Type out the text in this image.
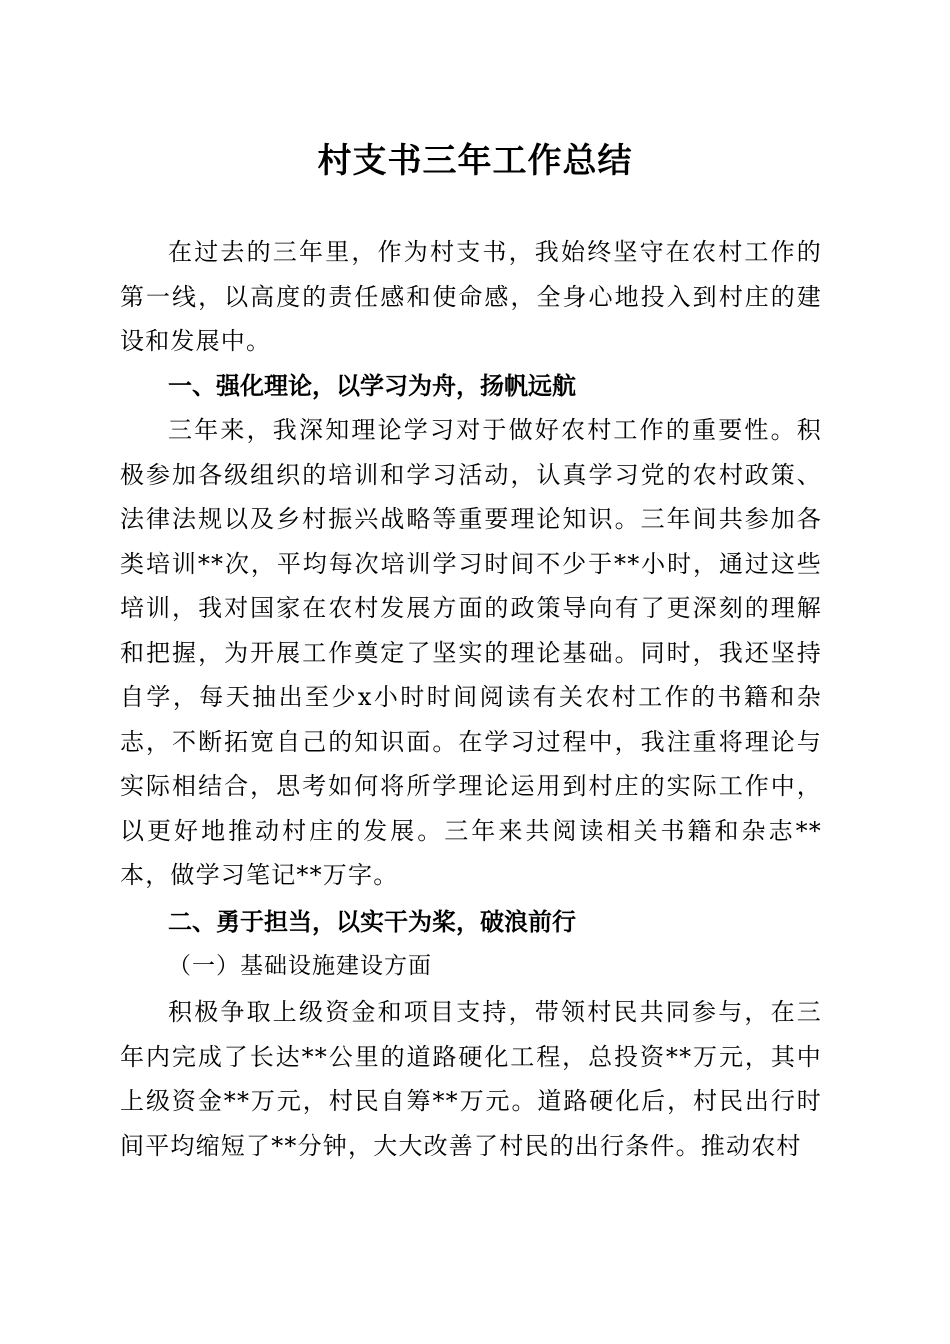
村支书三年工作总结

在过去的三年里，作为村支书，我始终坚守在农村工作的第一线，以高度的责任感和使命感，全身心地投入到村庄的建设和发展中。

一、强化理论，以学习为舟，扬帆远航

三年来，我深知理论学习对于做好农村工作的重要性。积极参加各级组织的培训和学习活动，认真学习党的农村政策、法律法规以及乡村振兴战略等重要理论知识。三年间共参加各类培训**次，平均每次培训学习时间不少于**小时，通过这些培训，我对国家在农村发展方面的政策导向有了更深刻的理解和把握，为开展工作奠定了坚实的理论基础。同时，我还坚持自学，每天抽出至少x小时时间阅读有关农村工作的书籍和杂志，不断拓宽自己的知识面。在学习过程中，我注重将理论与实际相结合，思考如何将所学理论运用到村庄的实际工作中，以更好地推动村庄的发展。三年来共阅读相关书籍和杂志**本，做学习笔记**万字。

二、勇于担当，以实干为桨，破浪前行
（一）基础设施建设方面

积极争取上级资金和项目支持，带领村民共同参与，在三年内完成了长达**公里的道路硬化工程，总投资**万元，其中上级资金**万元，村民自筹**万元。道路硬化后，村民出行时间平均缩短了**分钟，大大改善了村民的出行条件。推动农村
